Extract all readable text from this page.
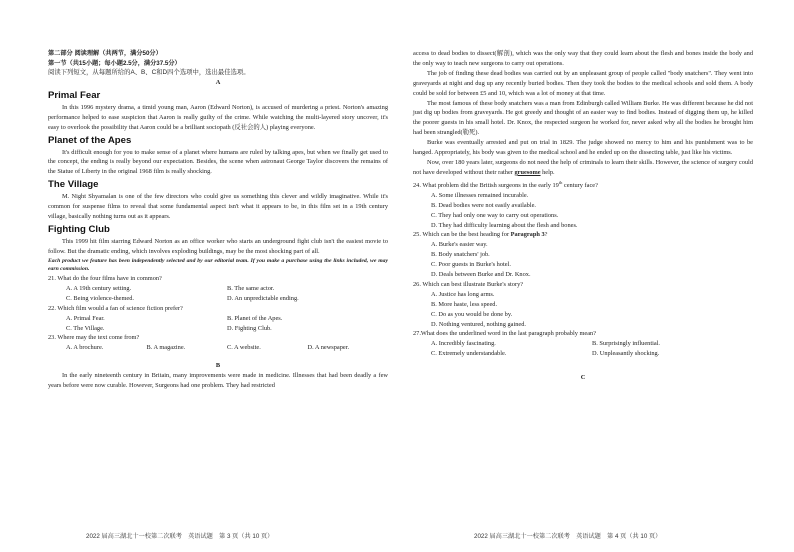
第二部分 阅读理解（共两节，满分50分）

第一节（共15小题；每小题2.5分，满分37.5分）

阅读下列短文，从每题所给的A、B、C和D四个选项中，选出最佳选项。

A

Primal Fear

In this 1996 mystery drama, a timid young man, Aaron (Edward Norton), is accused of murdering a priest. Norton's amazing performance helped to ease suspicion that Aaron is really guilty of the crime. While watching the multi-layered story uncover, it's easy to overlook the possibility that Aaron could be a brilliant sociopath (反社会的人) playing everyone.

Planet of the Apes

It's difficult enough for you to make sense of a planet where humans are ruled by talking apes, but when we finally get used to the concept, the ending is really beyond our expectation. Besides, the scene when astronaut George Taylor discovers the remains of the Statue of Liberty in the original 1968 film is really shocking.

The Village

M. Night Shyamalan is one of the few directors who could give us something this clever and wildly imaginative. While it's common for suspense films to reveal that some fundamental aspect isn't what it appears to be, in this film set in a 19th century village, basically nothing turns out as it appears.

Fighting Club

This 1999 hit film starring Edward Norton as an office worker who starts an underground fight club isn't the easiest movie to follow. But the dramatic ending, which involves exploding buildings, may be the most shocking part of all.

Each product we feature has been independently selected and by our editorial team. If you make a purchase using the links included, we may earn commission.

21. What do the four films have in common?

A. A 19th century setting.	B. The same actor.
C. Being violence-themed.	D. An unpredictable ending.

22. Which film would a fan of science fiction prefer?

A. Primal Fear.	B. Planet of the Apes.
C. The Village.	D. Fighting Club.

23. Where may the text come from?

A. A brochure.	B. A magazine.	C. A website.	D. A newspaper.

B

In the early nineteenth century in Britain, many improvements were made in medicine. Illnesses that had been deadly a few years before were now curable. However, Surgeons had one problem. They had restricted

access to dead bodies to dissect(解剖), which was the only way that they could learn about the flesh and bones inside the body and the only way to teach new surgeons to carry out operations.

The job of finding these dead bodies was carried out by an unpleasant group of people called "body snatchers". They went into graveyards at night and dug up any recently buried bodies. Then they took the bodies to the medical schools and sold them. A body could be sold for between £5 and 10, which was a lot of money at that time.

The most famous of these body snatchers was a man from Edinburgh called William Burke. He was different because he did not just dig up bodies from graveyards. He got greedy and thought of an easier way to find bodies. Instead of digging them up, he killed the poorer guests in his small hotel. Dr. Knox, the respected surgeon he worked for, never asked why all the bodies he brought him had been strangled(勒死).

Burke was eventually arrested and put on trial in 1829. The judge showed no mercy to him and his punishment was to be hanged. Appropriately, his body was given to the medical school and he ended up on the dissecting table, just like his victims.

Now, over 180 years later, surgeons do not need the help of criminals to learn their skills. However, the science of surgery could not have developed without their rather gruesome help.

24. What problem did the British surgeons in the early 19th century face?

A. Some illnesses remained incurable.
B. Dead bodies were not easily available.
C. They had only one way to carry out operations.
D. They had difficulty learning about the flesh and bones.

25. Which can be the best heading for Paragraph 3?

A. Burke's easier way.
B. Body snatchers' job.
C. Poor guests in Burke's hotel.
D. Deals between Burke and Dr. Knox.

26. Which can best illustrate Burke's story?

A. Justice has long arms.
B. More haste, less speed.
C. Do as you would be done by.
D. Nothing ventured, nothing gained.

27.What does the underlined word in the last paragraph probably mean?

A. Incredibly fascinating.	B. Surprisingly influential.
C. Extremely understandable.	D. Unpleasantly shocking.

C

2022 届高三湖北十一校第二次联考　英语试题　第 3 页（共 10 页）	2022 届高三湖北十一校第二次联考　英语试题　第 4 页（共 10 页）
